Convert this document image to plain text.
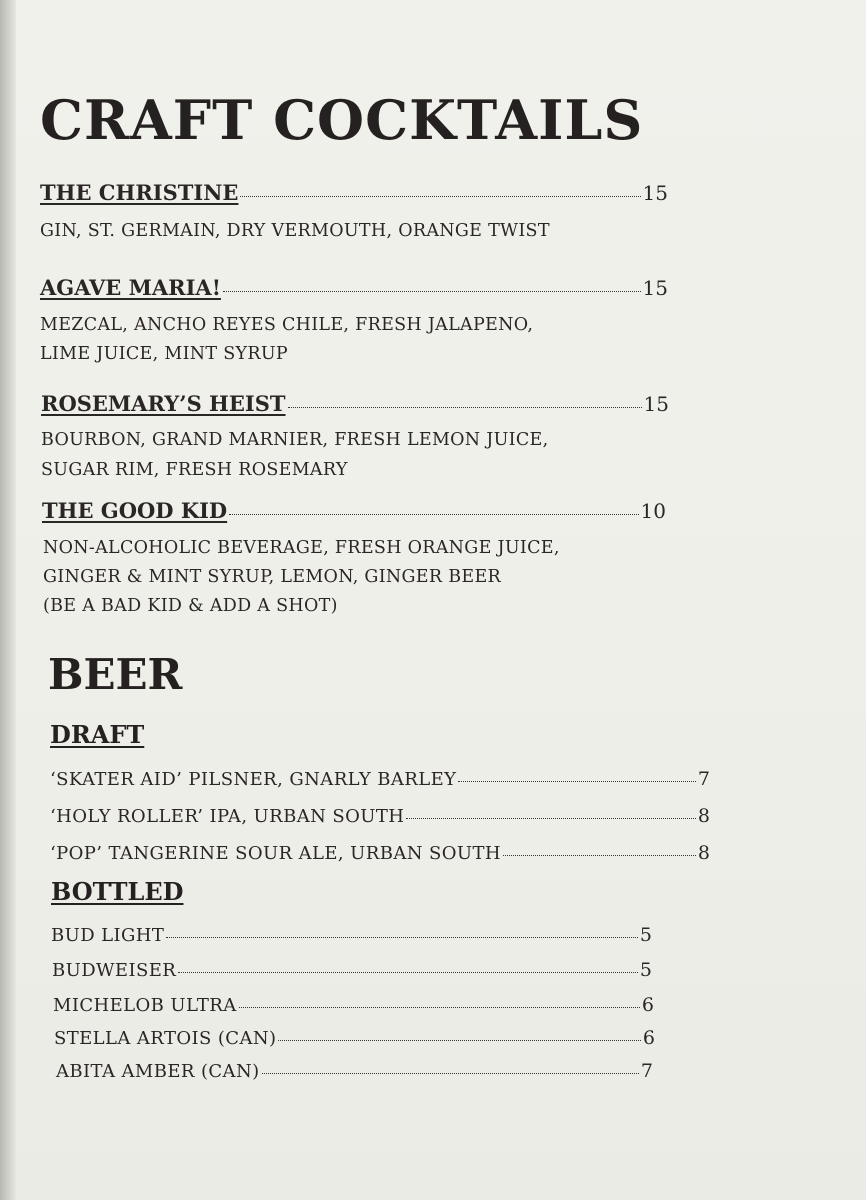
CRAFT COCKTAILS
THE CHRISTINE	15
GIN, ST. GERMAIN, DRY VERMOUTH, ORANGE TWIST
AGAVE MARIA!	15
MEZCAL, ANCHO REYES CHILE, FRESH JALAPENO,
LIME JUICE, MINT SYRUP
ROSEMARY’S HEIST	15
BOURBON, GRAND MARNIER, FRESH LEMON JUICE,
SUGAR RIM, FRESH ROSEMARY
THE GOOD KID	10
NON-ALCOHOLIC BEVERAGE, FRESH ORANGE JUICE,
GINGER & MINT SYRUP, LEMON, GINGER BEER
(BE A BAD KID & ADD A SHOT)
BEER
DRAFT
‘SKATER AID’ PILSNER, GNARLY BARLEY	7
‘HOLY ROLLER’ IPA, URBAN SOUTH	8
‘POP’ TANGERINE SOUR ALE, URBAN SOUTH	8
BOTTLED
BUD LIGHT	5
BUDWEISER	5
MICHELOB ULTRA	6
STELLA ARTOIS (CAN)	6
ABITA AMBER (CAN)	7
